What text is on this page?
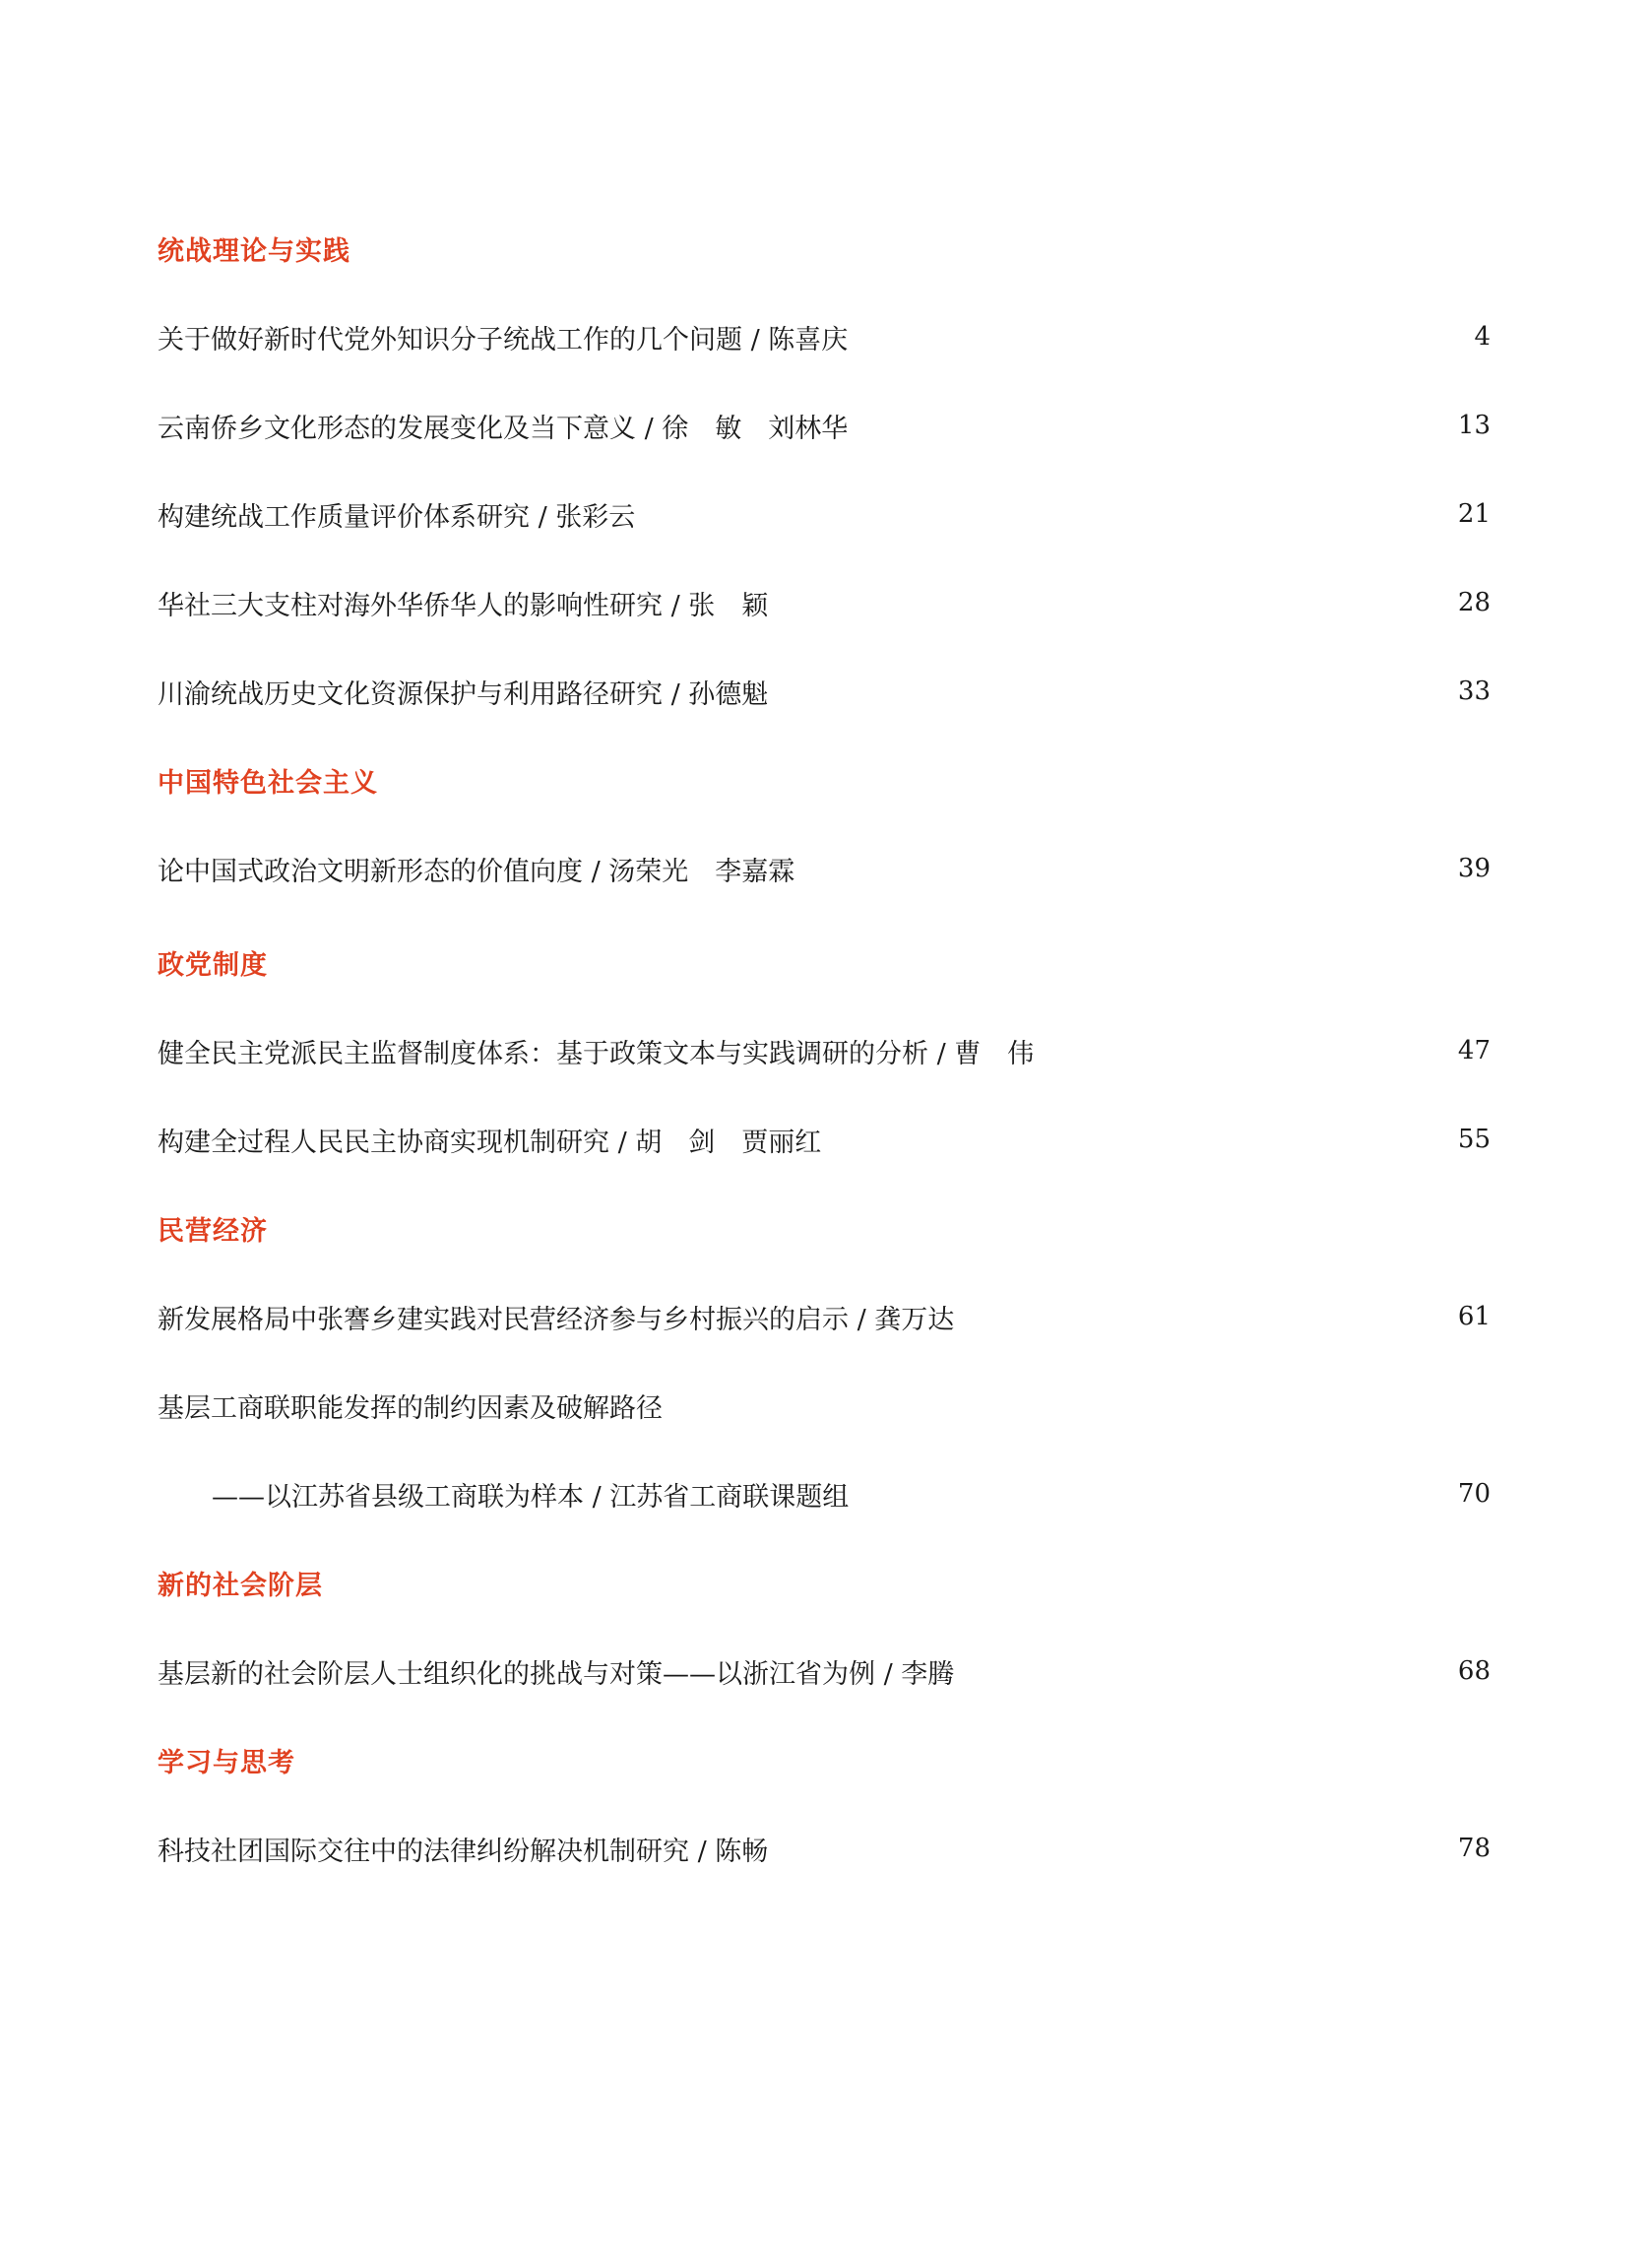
统战理论与实践
关于做好新时代党外知识分子统战工作的几个问题 / 陈喜庆	4
云南侨乡文化形态的发展变化及当下意义 / 徐　敏　刘林华	13
构建统战工作质量评价体系研究 / 张彩云	21
华社三大支柱对海外华侨华人的影响性研究 / 张　颖	28
川渝统战历史文化资源保护与利用路径研究 / 孙德魁	33
中国特色社会主义
论中国式政治文明新形态的价值向度 / 汤荣光　李嘉霖	39
政党制度
健全民主党派民主监督制度体系：基于政策文本与实践调研的分析 / 曹　伟	47
构建全过程人民民主协商实现机制研究 / 胡　剑　贾丽红	55
民营经济
新发展格局中张謇乡建实践对民营经济参与乡村振兴的启示 / 龚万达	61
基层工商联职能发挥的制约因素及破解路径
——以江苏省县级工商联为样本 / 江苏省工商联课题组	70
新的社会阶层
基层新的社会阶层人士组织化的挑战与对策——以浙江省为例 / 李腾	68
学习与思考
科技社团国际交往中的法律纠纷解决机制研究 / 陈畅	78
